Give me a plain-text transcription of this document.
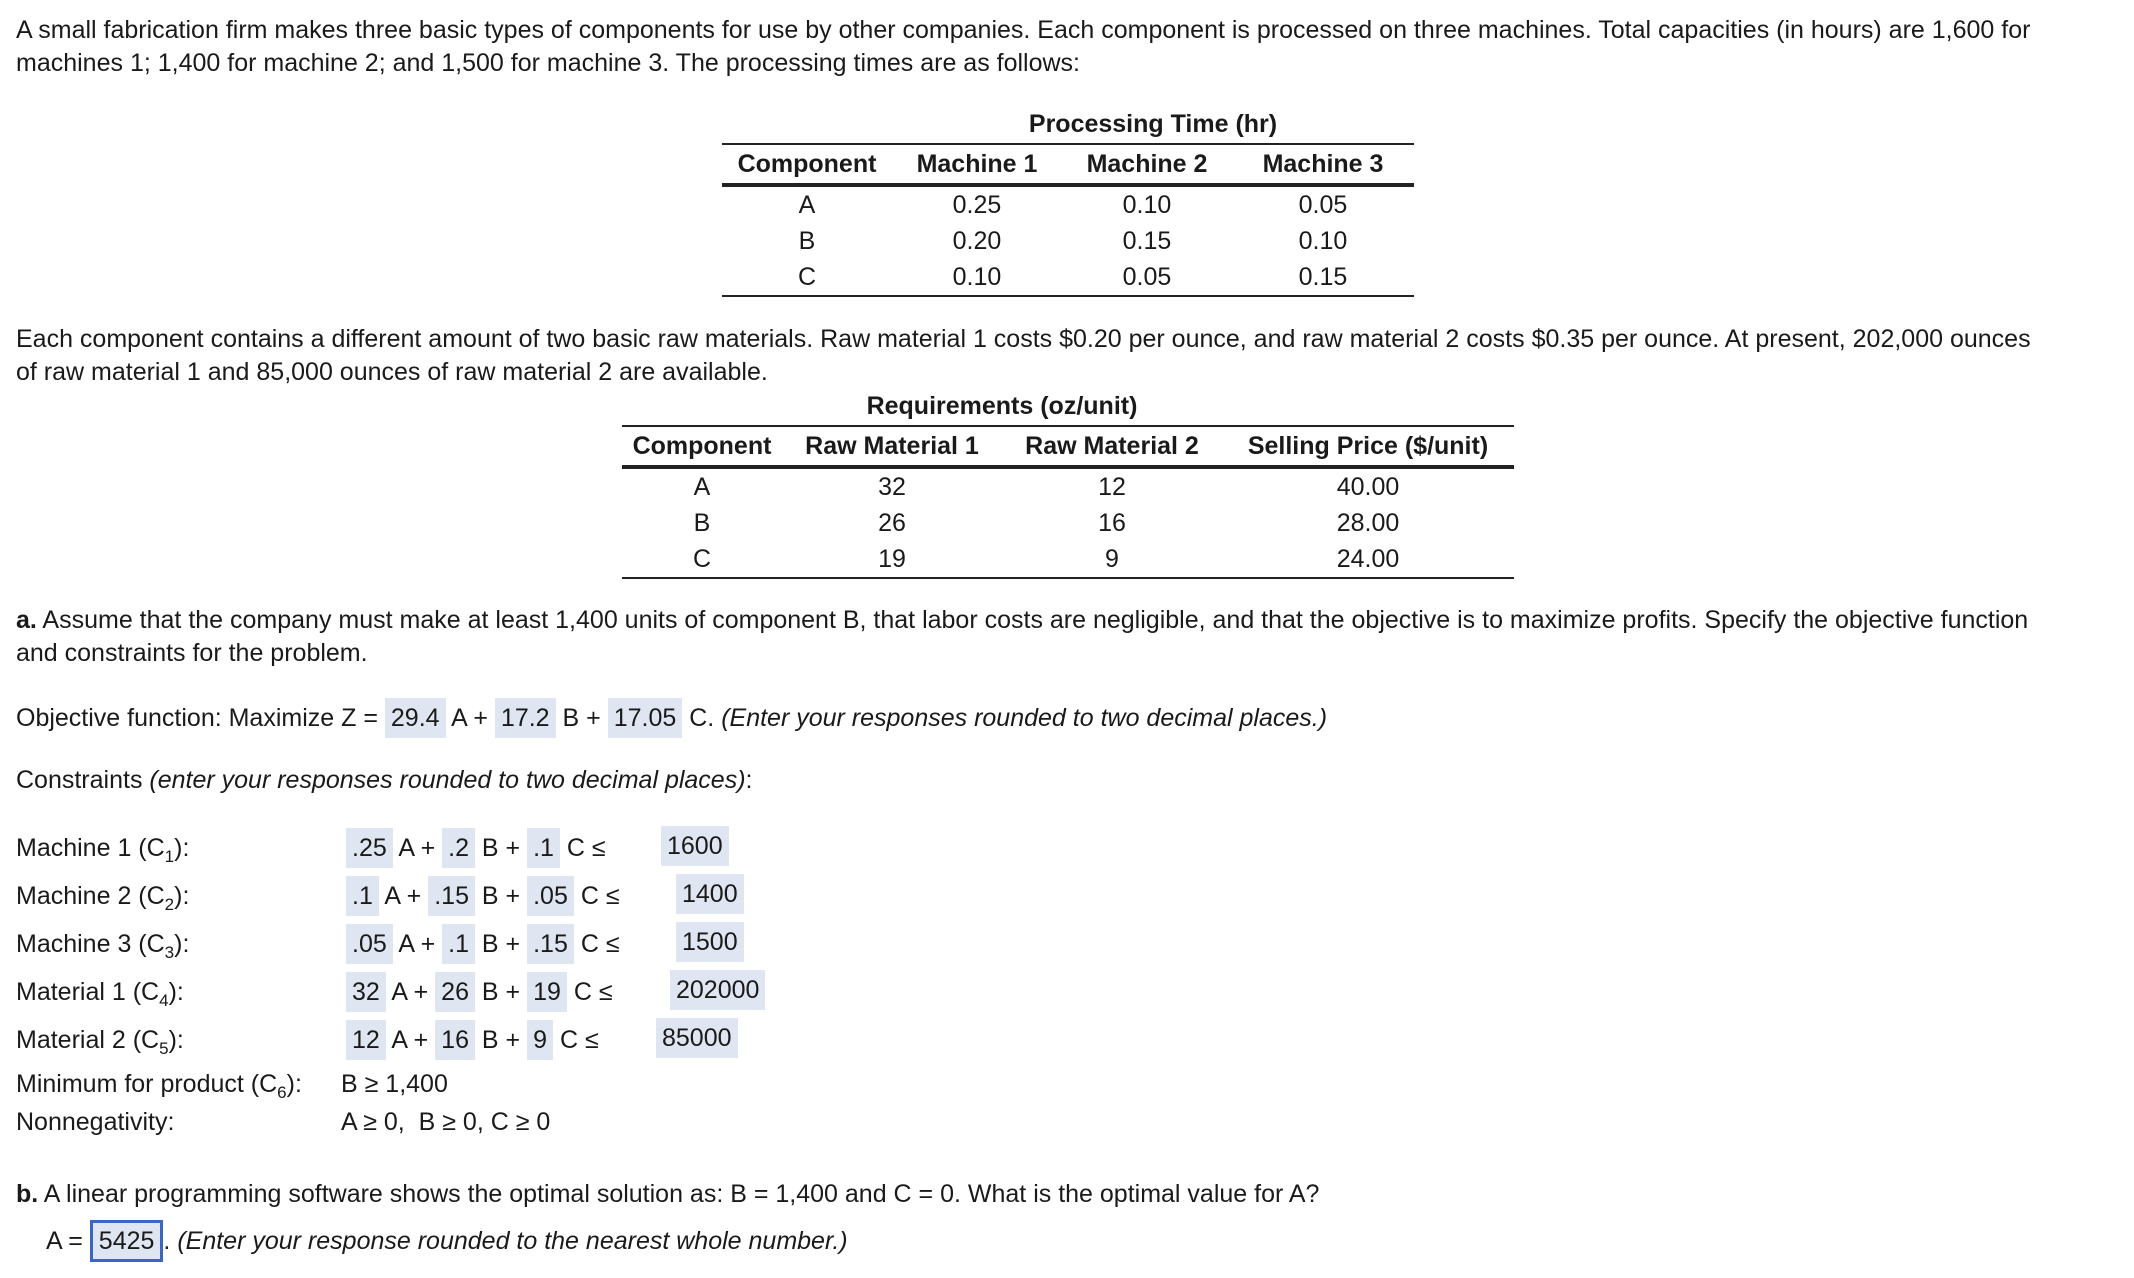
A small fabrication firm makes three basic types of components for use by other companies. Each component is processed on three machines. Total capacities (in hours) are 1,600 for
machines 1; 1,400 for machine 2; and 1,500 for machine 3. The processing times are as follows:
	Processing Time (hr)		
Component	Machine 1	Machine 2	Machine 3
A	0.25	0.10	0.05
B	0.20	0.15	0.10
C	0.10	0.05	0.15
Each component contains a different amount of two basic raw materials. Raw material 1 costs $0.20 per ounce, and raw material 2 costs $0.35 per ounce. At present, 202,000 ounces
of raw material 1 and 85,000 ounces of raw material 2 are available.
	Requirements (oz/unit)		
Component	Raw Material 1	Raw Material 2	Selling Price ($/unit)
A	32	12	40.00
B	26	16	28.00
C	19	9	24.00
a. Assume that the company must make at least 1,400 units of component B, that labor costs are negligible, and that the objective is to maximize profits. Specify the objective function
and constraints for the problem.
Objective function: Maximize Z = 29.4 A + 17.2 B + 17.05 C. (Enter your responses rounded to two decimal places.)
Constraints (enter your responses rounded to two decimal places):
Machine 1 $(C_1)$:	.25 A + .2 B + .1 C ≤ 1600
Machine 2 $(C_2)$:	.1 A + .15 B + .05 C ≤ 1400
Machine 3 $(C_3)$:	.05 A + .1 B + .15 C ≤ 1500
Material 1 $(C_4)$:	32 A + 26 B + 19 C ≤	202000
Material 2 $(C_5)$:	12 A + 16 B + 9 C ≤	85000
Minimum for product $(C_6)$: B ≥ 1,400
Nonnegativity:	A ≥ 0,  B ≥ 0, C ≥ 0
b. A linear programming software shows the optimal solution as: B = 1,400 and C = 0. What is the optimal value for A?
A = 5425 . (Enter your response rounded to the nearest whole number.)
